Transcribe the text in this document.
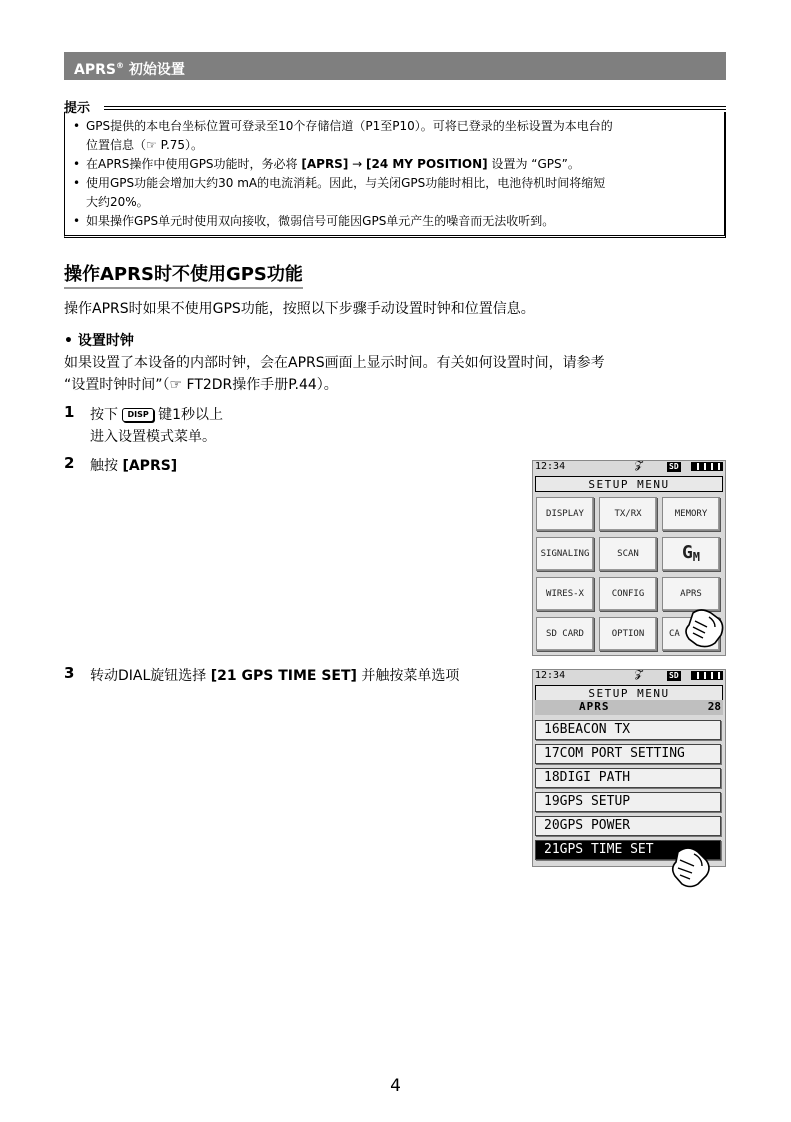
APRS® 初始设置
提示
• GPS提供的本电台坐标位置可登录至10个存储信道（P1至P10）。可将已登录的坐标设置为本电台的
位置信息（☞ P.75）。
• 在APRS操作中使用GPS功能时，务必将 [APRS] → [24 MY POSITION] 设置为 “GPS”。
• 使用GPS功能会增加大约30 mA的电流消耗。因此，与关闭GPS功能时相比，电池待机时间将缩短
大约20%。
• 如果操作GPS单元时使用双向接收，微弱信号可能因GPS单元产生的噪音而无法收听到。
操作APRS时不使用GPS功能
操作APRS时如果不使用GPS功能，按照以下步骤手动设置时钟和位置信息。
• 设置时钟
如果设置了本设备的内部时钟，会在APRS画面上显示时间。有关如何设置时间，请参考
“设置时钟时间”（☞ FT2DR操作手册P.44）。
1 按下 DISP 键1秒以上
进入设置模式菜单。
2 触按 [APRS]	12:34	𝓩	SD
SETUP MENU
DISPLAY	TX/RX	MEMORY
SIGNALING	SCAN	GM
WIRES-X	CONFIG	APRS
SD CARD	OPTION	CA
3 转动DIAL旋钮选择 [21 GPS TIME SET] 并触按菜单选项	12:34	𝓩	SD
SETUP MENU
APRS	28
16BEACON TX
17COM PORT SETTING
18DIGI PATH
19GPS SETUP
20GPS POWER
21GPS TIME SET
4
